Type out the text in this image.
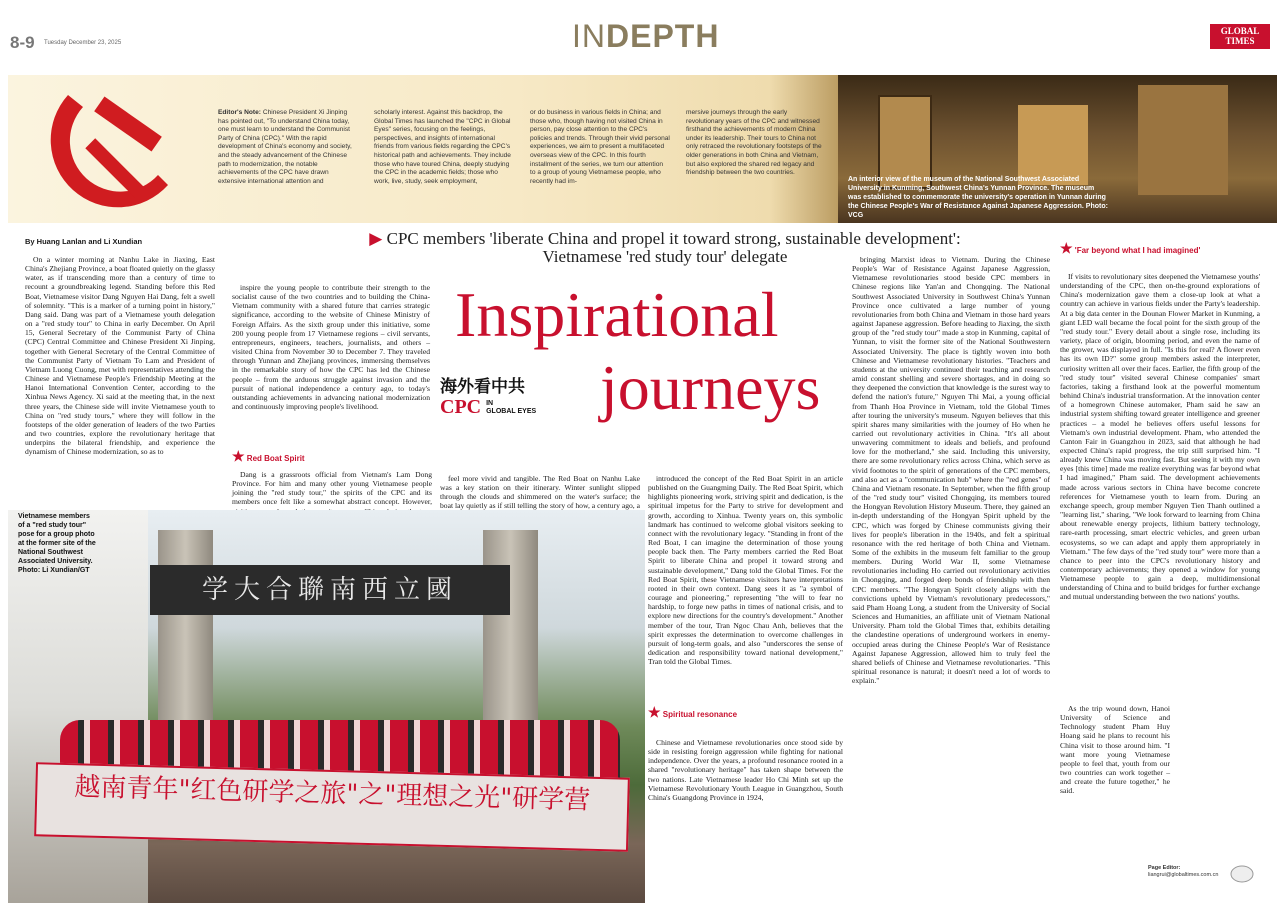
8-9 Tuesday December 23, 2025	INDEPTH	GLOBAL
TIMES
Editor's Note: Chinese President Xi Jinping has pointed out, "To understand China today, one must learn to understand the Communist Party of China (CPC)." With the rapid development of China's economy and society, and the steady advancement of the Chinese path to modernization, the notable achievements of the CPC have drawn extensive international attention and
scholarly interest. Against this backdrop, the Global Times has launched the "CPC in Global Eyes" series, focusing on the feelings, perspectives, and insights of international friends from various fields regarding the CPC's historical path and achievements. They include those who have toured China, deeply studying the CPC in the academic fields; those who work, live, study, seek employment,
or do business in various fields in China; and those who, though having not visited China in person, pay close attention to the CPC's policies and trends. Through their vivid personal experiences, we aim to present a multifaceted overseas view of the CPC. In this fourth installment of the series, we turn our attention to a group of young Vietnamese people, who recently had im-
mersive journeys through the early revolutionary years of the CPC and witnessed firsthand the achievements of modern China under its leadership. Their tours to China not only retraced the revolutionary footsteps of the older generations in both China and Vietnam, but also explored the shared red legacy and friendship between the two countries.
An interior view of the museum of the National Southwest Associated University in Kunming, Southwest China's Yunnan Province. The museum was established to commemorate the university's operation in Yunnan during the Chinese People's War of Resistance Against Japanese Aggression. Photo: VCG
By Huang Lanlan and Li Xundian	▶ CPC members 'liberate China and propel it toward strong, sustainable development':
Vietnamese 'red study tour' delegate
Inspirational
journeys
海外看中共
CPC IN
GLOBAL EYES

On a winter morning at Nanhu Lake in Jiaxing, East China's Zhejiang Province, a boat floated quietly on the glassy water, as if transcending more than a century of time to recount a groundbreaking legend. Standing before this Red Boat, Vietnamese visitor Dang Nguyen Hai Dang, felt a swell of solemnity. "This is a marker of a turning point in history," Dang said. Dang was part of a Vietnamese youth delegation on a "red study tour" to China in early December. On April 15, General Secretary of the Communist Party of China (CPC) Central Committee and Chinese President Xi Jinping, together with General Secretary of the Central Committee of the Communist Party of Vietnam To Lam and President of Vietnam Luong Cuong, met with representatives attending the Chinese and Vietnamese People's Friendship Meeting at the Hanoi International Convention Center, according to the Xinhua News Agency. Xi said at the meeting that, in the next three years, the Chinese side will invite Vietnamese youth to China on "red study tours," where they will follow in the footsteps of the older generation of leaders of the two Parties and two countries, explore the revolutionary heritage that underpins the bilateral friendship, and experience the dynamism of Chinese modernization, so as to

inspire the young people to contribute their strength to the socialist cause of the two countries and to building the China-Vietnam community with a shared future that carries strategic significance, according to the website of Chinese Ministry of Foreign Affairs. As the sixth group under this initiative, some 200 young people from 17 Vietnamese regions – civil servants, entrepreneurs, engineers, teachers, journalists, and others – visited China from November 30 to December 7. They traveled through Yunnan and Zhejiang provinces, immersing themselves in the remarkable story of how the CPC has led the Chinese people – from the arduous struggle against invasion and the pursuit of national independence a century ago, to today's outstanding achievements in advancing national modernization and continuously improving people's livelihood.

★ Red Boat Spirit

Dang is a grassroots official from Vietnam's Lam Dong Province. For him and many other young Vietnamese people joining the "red study tour," the spirits of the CPC and its members once felt like a somewhat abstract concept. However,

feel more vivid and tangible. The Red Boat on Nanhu Lake was a key station on their itinerary. Winter sunlight slipped through the clouds and shimmered on the water's surface; the boat lay quietly as if still telling the story of how, a century ago, a

introduced the concept of the Red Boat Spirit in an article published on the Guangming Daily. The Red Boat Spirit, which highlights pioneering work, striving spirit and dedication, is the spiritual impetus for the Party to strive for development and growth, according to Xinhua. Twenty years on, this symbolic landmark has continued to welcome global visitors seeking to connect with the revolutionary legacy. "Standing in front of the Red Boat, I can imagine the determination of those young people back then. The Party members carried the Red Boat Spirit to liberate China and propel it toward strong and sustainable development," Dang told the Global Times. For the Red Boat Spirit, these Vietnamese visitors have interpretations rooted in their own context. Dang sees it as "a symbol of courage and pioneering," representing "the will to fear no hardship, to forge new paths in times of national crisis, and to explore new directions for the country's development." Another member of the tour, Tran Ngoc Chau Anh, believes that the spirit expresses the determination to overcome challenges in pursuit of long-term goals, and also "underscores the sense of dedication and responsibility toward national development," Tran told the Global Times.

★ Spiritual resonance

Chinese and Vietnamese revolutionaries once stood side by side in resisting foreign aggression while fighting for national independence. Over the years, a profound resonance rooted in a shared "revolutionary heritage" has taken shape between the two nations. Late Vietnamese leader Ho Chi Minh set up the Vietnamese Revolutionary Youth League in Guangzhou, South China's Guangdong Province in 1924,

bringing Marxist ideas to Vietnam. During the Chinese People's War of Resistance Against Japanese Aggression, Vietnamese revolutionaries stood beside CPC members in Chinese regions like Yan'an and Chongqing. The National Southwest Associated University in Southwest China's Yunnan Province once cultivated a large number of young revolutionaries from both China and Vietnam in those hard years against Japanese aggression. Before heading to Jiaxing, the sixth group of the "red study tour" made a stop in Kunming, capital of Yunnan, to visit the former site of the National Southwestern Associated University. The place is tightly woven into both Chinese and Vietnamese revolutionary histories. "Teachers and students at the university continued their teaching and research amid constant shelling and severe shortages, and in doing so they deepened the conviction that knowledge is the surest way to defend the nation's future," Nguyen Thi Mai, a young official from Thanh Hoa Province in Vietnam, told the Global Times after touring the university's museum. Nguyen believes that this spirit shares many similarities with the journey of Ho when he carried out revolutionary activities in China. "It's all about unwavering commitment to ideals and beliefs, and profound love for the motherland," she said. Including this university, there are some revolutionary relics across China, which serve as vivid footnotes to the spirit of generations of the CPC members, and also act as a "communication hub" where the "red genes" of China and Vietnam resonate. In September, when the fifth group of the "red study tour" visited Chongqing, its members toured the Hongyan Revolution History Museum. There, they gained an in-depth understanding of the Hongyan Spirit upheld by the CPC, which was forged by Chinese communists giving their lives for people's liberation in the 1940s, and felt a spiritual resonance with the red heritage of both China and Vietnam. Some of the exhibits in the museum felt familiar to the group members. During World War II, some Vietnamese revolutionaries including Ho carried out revolutionary activities in Chongqing, and forged deep bonds of friendship with then CPC members. "The Hongyan Spirit closely aligns with the convictions upheld by Vietnam's revolutionary predecessors," said Pham Hoang Long, a student from the University of Social Sciences and Humanities, an affiliate unit of Vietnam National University. Pham told the Global Times that, exhibits detailing the clandestine operations of underground workers in enemy-occupied areas during the Chinese People's War of Resistance Against Japanese Aggression, allowed him to truly feel the shared beliefs of Chinese and Vietnamese revolutionaries. "This spiritual resonance is natural; it doesn't need a lot of words to explain."

★ 'Far beyond what I had imagined'

If visits to revolutionary sites deepened the Vietnamese youths' understanding of the CPC, then on-the-ground explorations of China's modernization gave them a close-up look at what a country can achieve in various fields under the Party's leadership. At a big data center in the Dounan Flower Market in Kunming, a giant LED wall became the focal point for the sixth group of the "red study tour." Every detail about a single rose, including its variety, place of origin, blooming period, and even the name of the grower, was displayed in full. "Is this for real? A flower even has its own ID?" some group members asked the interpreter, curiosity written all over their faces. Earlier, the fifth group of the "red study tour" visited several Chinese companies' smart factories, taking a firsthand look at the powerful momentum behind China's industrial transformation. At the innovation center of a homegrown Chinese automaker, Pham said he saw an industrial system shifting toward greater intelligence and greener practices – a model he believes offers useful lessons for Vietnam's own industrial development. Pham, who attended the Canton Fair in Guangzhou in 2023, said that although he had expected China's rapid progress, the trip still surprised him. "I already knew China was moving fast. But seeing it with my own eyes [this time] made me realize everything was far beyond what I had imagined," Pham said. The development achievements made across various sectors in China have become concrete references for Vietnamese youth to learn from. During an exchange speech, group member Nguyen Tien Thanh outlined a "learning list," sharing, "We look forward to learning from China about renewable energy projects, lithium battery technology, rare-earth processing, smart electric vehicles, and green urban ecosystems, so we can adapt and apply them appropriately in Vietnam." The few days of the "red study tour" were more than a chance to peer into the CPC's revolutionary history and contemporary achievements; they opened a window for young Vietnamese people to gain a deep, multidimensional understanding of China and to build bridges for further exchange and mutual understanding between the two nations' youths.

As the trip wound down, Hanoi University of Science and Technology student Pham Huy Hoang said he plans to recount his China visit to those around him. "I want more young Vietnamese people to feel that, youth from our two countries can work together – and create the future together," he said.

Page Editor:
liangrui@globaltimes.com.cn
学大合聯南西立國
越南青年"红色研学之旅"之"理想之光"研学营
Vietnamese members of a "red study tour" pose for a group photo at the former site of the National Southwest Associated University. Photo: Li Xundian/GT
